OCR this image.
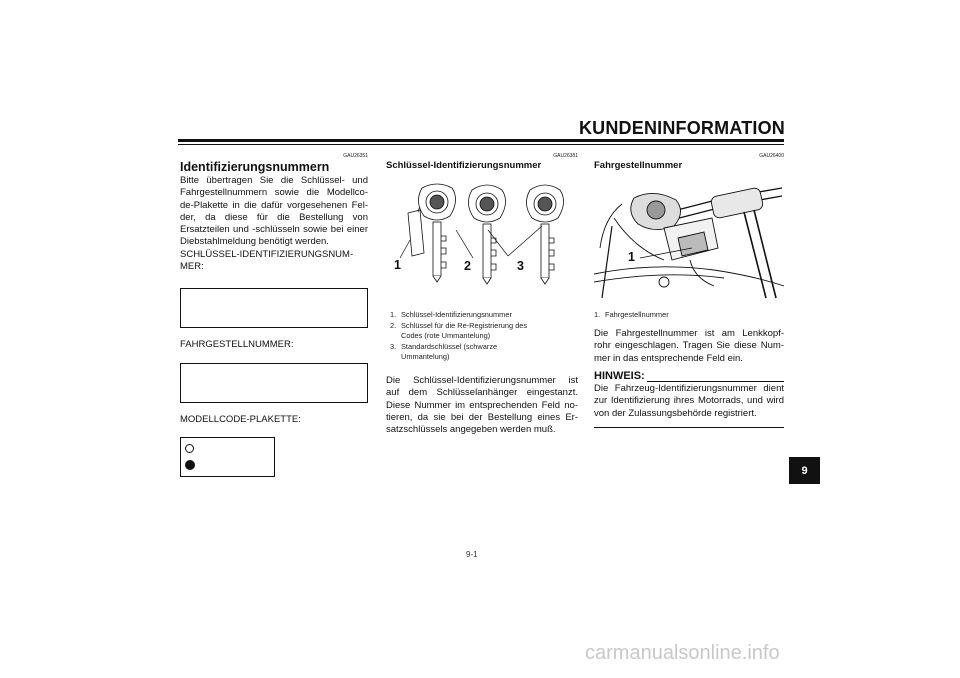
KUNDENINFORMATION
GAU26351
Identifizierungsnummern
Bitte übertragen Sie die Schlüssel- und
Fahrgestellnummern sowie die Modellco-
de-Plakette in die dafür vorgesehenen Fel-
der, da diese für die Bestellung von
Ersatzteilen und -schlüsseln sowie bei einer
Diebstahlmeldung benötigt werden.
SCHLÜSSEL-IDENTIFIZIERUNGSNUM-
MER:
FAHRGESTELLNUMMER:
MODELLCODE-PLAKETTE:
GAU26381
Schlüssel-Identifizierungsnummer
1	2	3
1. Schlüssel-Identifizierungsnummer
2. Schlüssel für die Re-Registrierung des
Codes (rote Ummantelung)
3. Standardschlüssel (schwarze
Ummantelung)
Die Schlüssel-Identifizierungsnummer ist
auf dem Schlüsselanhänger eingestanzt.
Diese Nummer im entsprechenden Feld no-
tieren, da sie bei der Bestellung eines Er-
satzschlüssels angegeben werden muß.
GAU26400
Fahrgestellnummer
1
1. Fahrgestellnummer
Die Fahrgestellnummer ist am Lenkkopf-
rohr eingeschlagen. Tragen Sie diese Num-
mer in das entsprechende Feld ein.
HINWEIS:
Die Fahrzeug-Identifizierungsnummer dient
zur Identifizierung ihres Motorrads, und wird
von der Zulassungsbehörde registriert.
9
9-1
carmanualsonline.info
